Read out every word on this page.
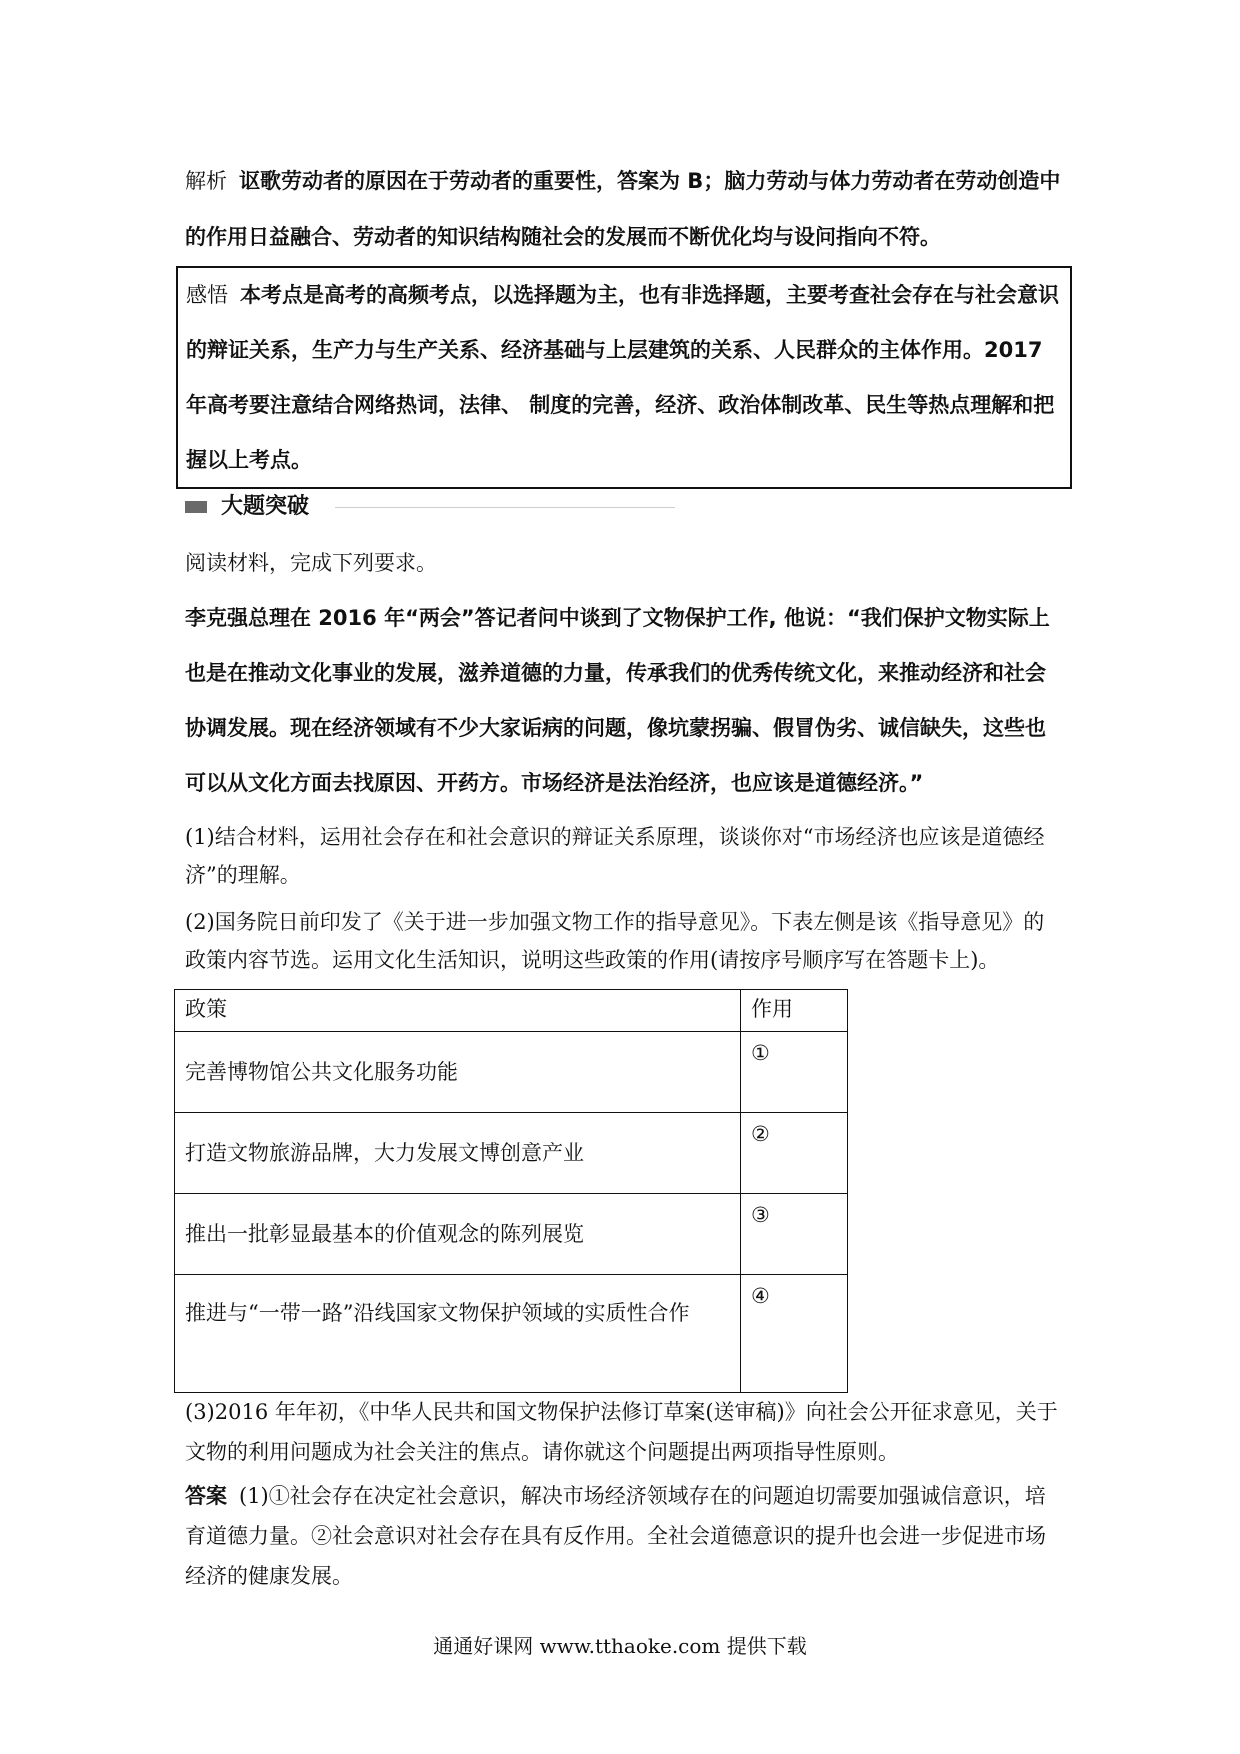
解析 讴歌劳动者的原因在于劳动者的重要性，答案为 B；脑力劳动与体力劳动者在劳动创造中的作用日益融合、劳动者的知识结构随社会的发展而不断优化均与设问指向不符。
感悟 本考点是高考的高频考点，以选择题为主，也有非选择题，主要考查社会存在与社会意识的辩证关系，生产力与生产关系、经济基础与上层建筑的关系、人民群众的主体作用。2017 年高考要注意结合网络热词，法律、 制度的完善，经济、政治体制改革、民生等热点理解和把握以上考点。
大题突破
阅读材料，完成下列要求。
李克强总理在 2016 年“两会”答记者问中谈到了文物保护工作, 他说：“我们保护文物实际上也是在推动文化事业的发展，滋养道德的力量，传承我们的优秀传统文化，来推动经济和社会协调发展。现在经济领域有不少大家诟病的问题，像坑蒙拐骗、假冒伪劣、诚信缺失，这些也可以从文化方面去找原因、开药方。市场经济是法治经济，也应该是道德经济。”
(1)结合材料，运用社会存在和社会意识的辩证关系原理，谈谈你对“市场经济也应该是道德经济”的理解。
(2)国务院日前印发了《关于进一步加强文物工作的指导意见》。下表左侧是该《指导意见》的政策内容节选。运用文化生活知识，说明这些政策的作用(请按序号顺序写在答题卡上)。
政策	作用
完善博物馆公共文化服务功能	①
打造文物旅游品牌，大力发展文博创意产业	②
推出一批彰显最基本的价值观念的陈列展览	③
推进与“一带一路”沿线国家文物保护领域的实质性合作	④
(3)2016 年年初，《中华人民共和国文物保护法修订草案(送审稿)》向社会公开征求意见，关于文物的利用问题成为社会关注的焦点。请你就这个问题提出两项指导性原则。
答案 (1)①社会存在决定社会意识，解决市场经济领域存在的问题迫切需要加强诚信意识，培育道德力量。②社会意识对社会存在具有反作用。全社会道德意识的提升也会进一步促进市场经济的健康发展。
通通好课网 www.tthaoke.com 提供下载
